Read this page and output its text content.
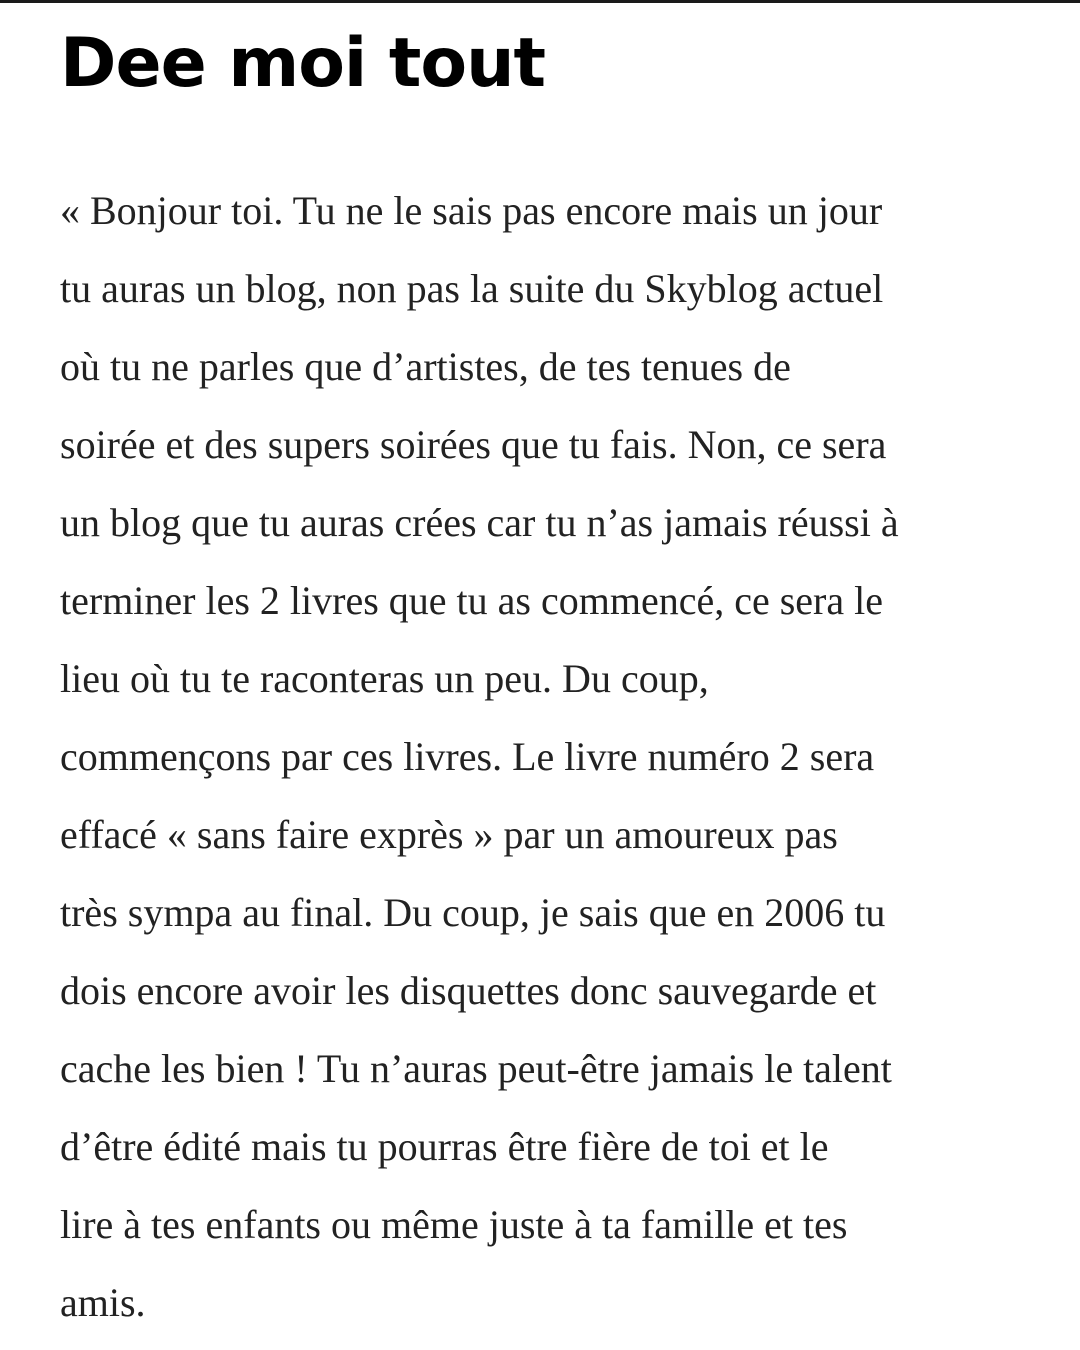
Dee moi tout
« Bonjour toi. Tu ne le sais pas encore mais un jour
tu auras un blog, non pas la suite du Skyblog actuel
où tu ne parles que d’artistes, de tes tenues de
soirée et des supers soirées que tu fais. Non, ce sera
un blog que tu auras crées car tu n’as jamais réussi à
terminer les 2 livres que tu as commencé, ce sera le
lieu où tu te raconteras un peu. Du coup,
commençons par ces livres. Le livre numéro 2 sera
effacé « sans faire exprès » par un amoureux pas
très sympa au final. Du coup, je sais que en 2006 tu
dois encore avoir les disquettes donc sauvegarde et
cache les bien ! Tu n’auras peut-être jamais le talent
d’être édité mais tu pourras être fière de toi et le
lire à tes enfants ou même juste à ta famille et tes
amis.
